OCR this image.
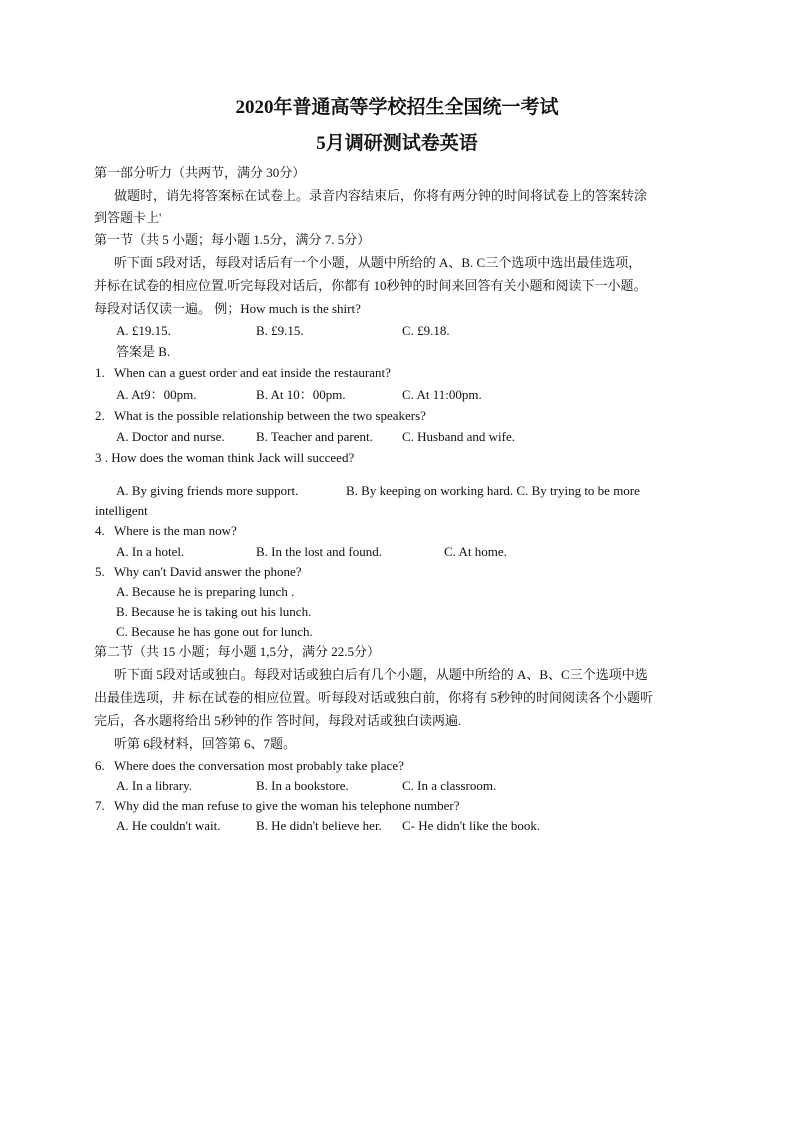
2020年普通高等学校招生全国统一考试
5月调研测试卷英语
第一部分听力（共两节，满分 30分）
做题时，诮先将答案标在试卷上。录音内容结束后，你将有两分钟的时间将试卷上的答案转涂
到答题卡上'
第一节（共 5 小题；每小题 1.5分，满分 7. 5分）
听下面 5段对话，每段对话后有一个小题，从题中所给的 A、B. C三个选项中选出最佳选项，
并标在试卷的相应位置.听完每段对话后，你都有 10秒钟的时间来回答有关小题和阅读下一小题。
每段对话仅读一遍。 例；How much is the shirt?
A. £19.15.	B. £9.15.	C. £9.18.
答案是 B.
1. When can a guest order and eat inside the restaurant?
A. At9：00pm.	B. At 10：00pm.	C. At 11:00pm.
2. What is the possible relationship between the two speakers?
A. Doctor and nurse. B. Teacher and parent. C. Husband and wife.
3 . How does the woman think Jack will succeed?
A. By giving friends more support.	B. By keeping on working hard. C. By trying to be more
intelligent
4. Where is the man now?
A. In a hotel.	B. In the lost and found.	C. At home.
5. Why can't David answer the phone?
A. Because he is preparing lunch .
B. Because he is taking out his lunch.
C. Because he has gone out for lunch.
第二节（共 15 小题；每小题 1,5分，满分 22.5分）
听下面 5段对话或独白。每段对话或独白后有几个小题，从题中所给的 A、B、C三个选项中选
出最佳选项，井 标在试卷的相应位置。听每段对话或独白前，你将有 5秒钟的时间阅读各个小题听
完后，各水题将给出 5秒钟的作 答时间，每段对话或独白读两遍.
听第 6段材料，回答第 6、7题。
6. Where does the conversation most probably take place?
A. In a library.	B. In a bookstore.	C. In a classroom.
7. Why did the man refuse to give the woman his telephone number?
A. He couldn't wait.	B. He didn't believe her. C- He didn't like the book.
